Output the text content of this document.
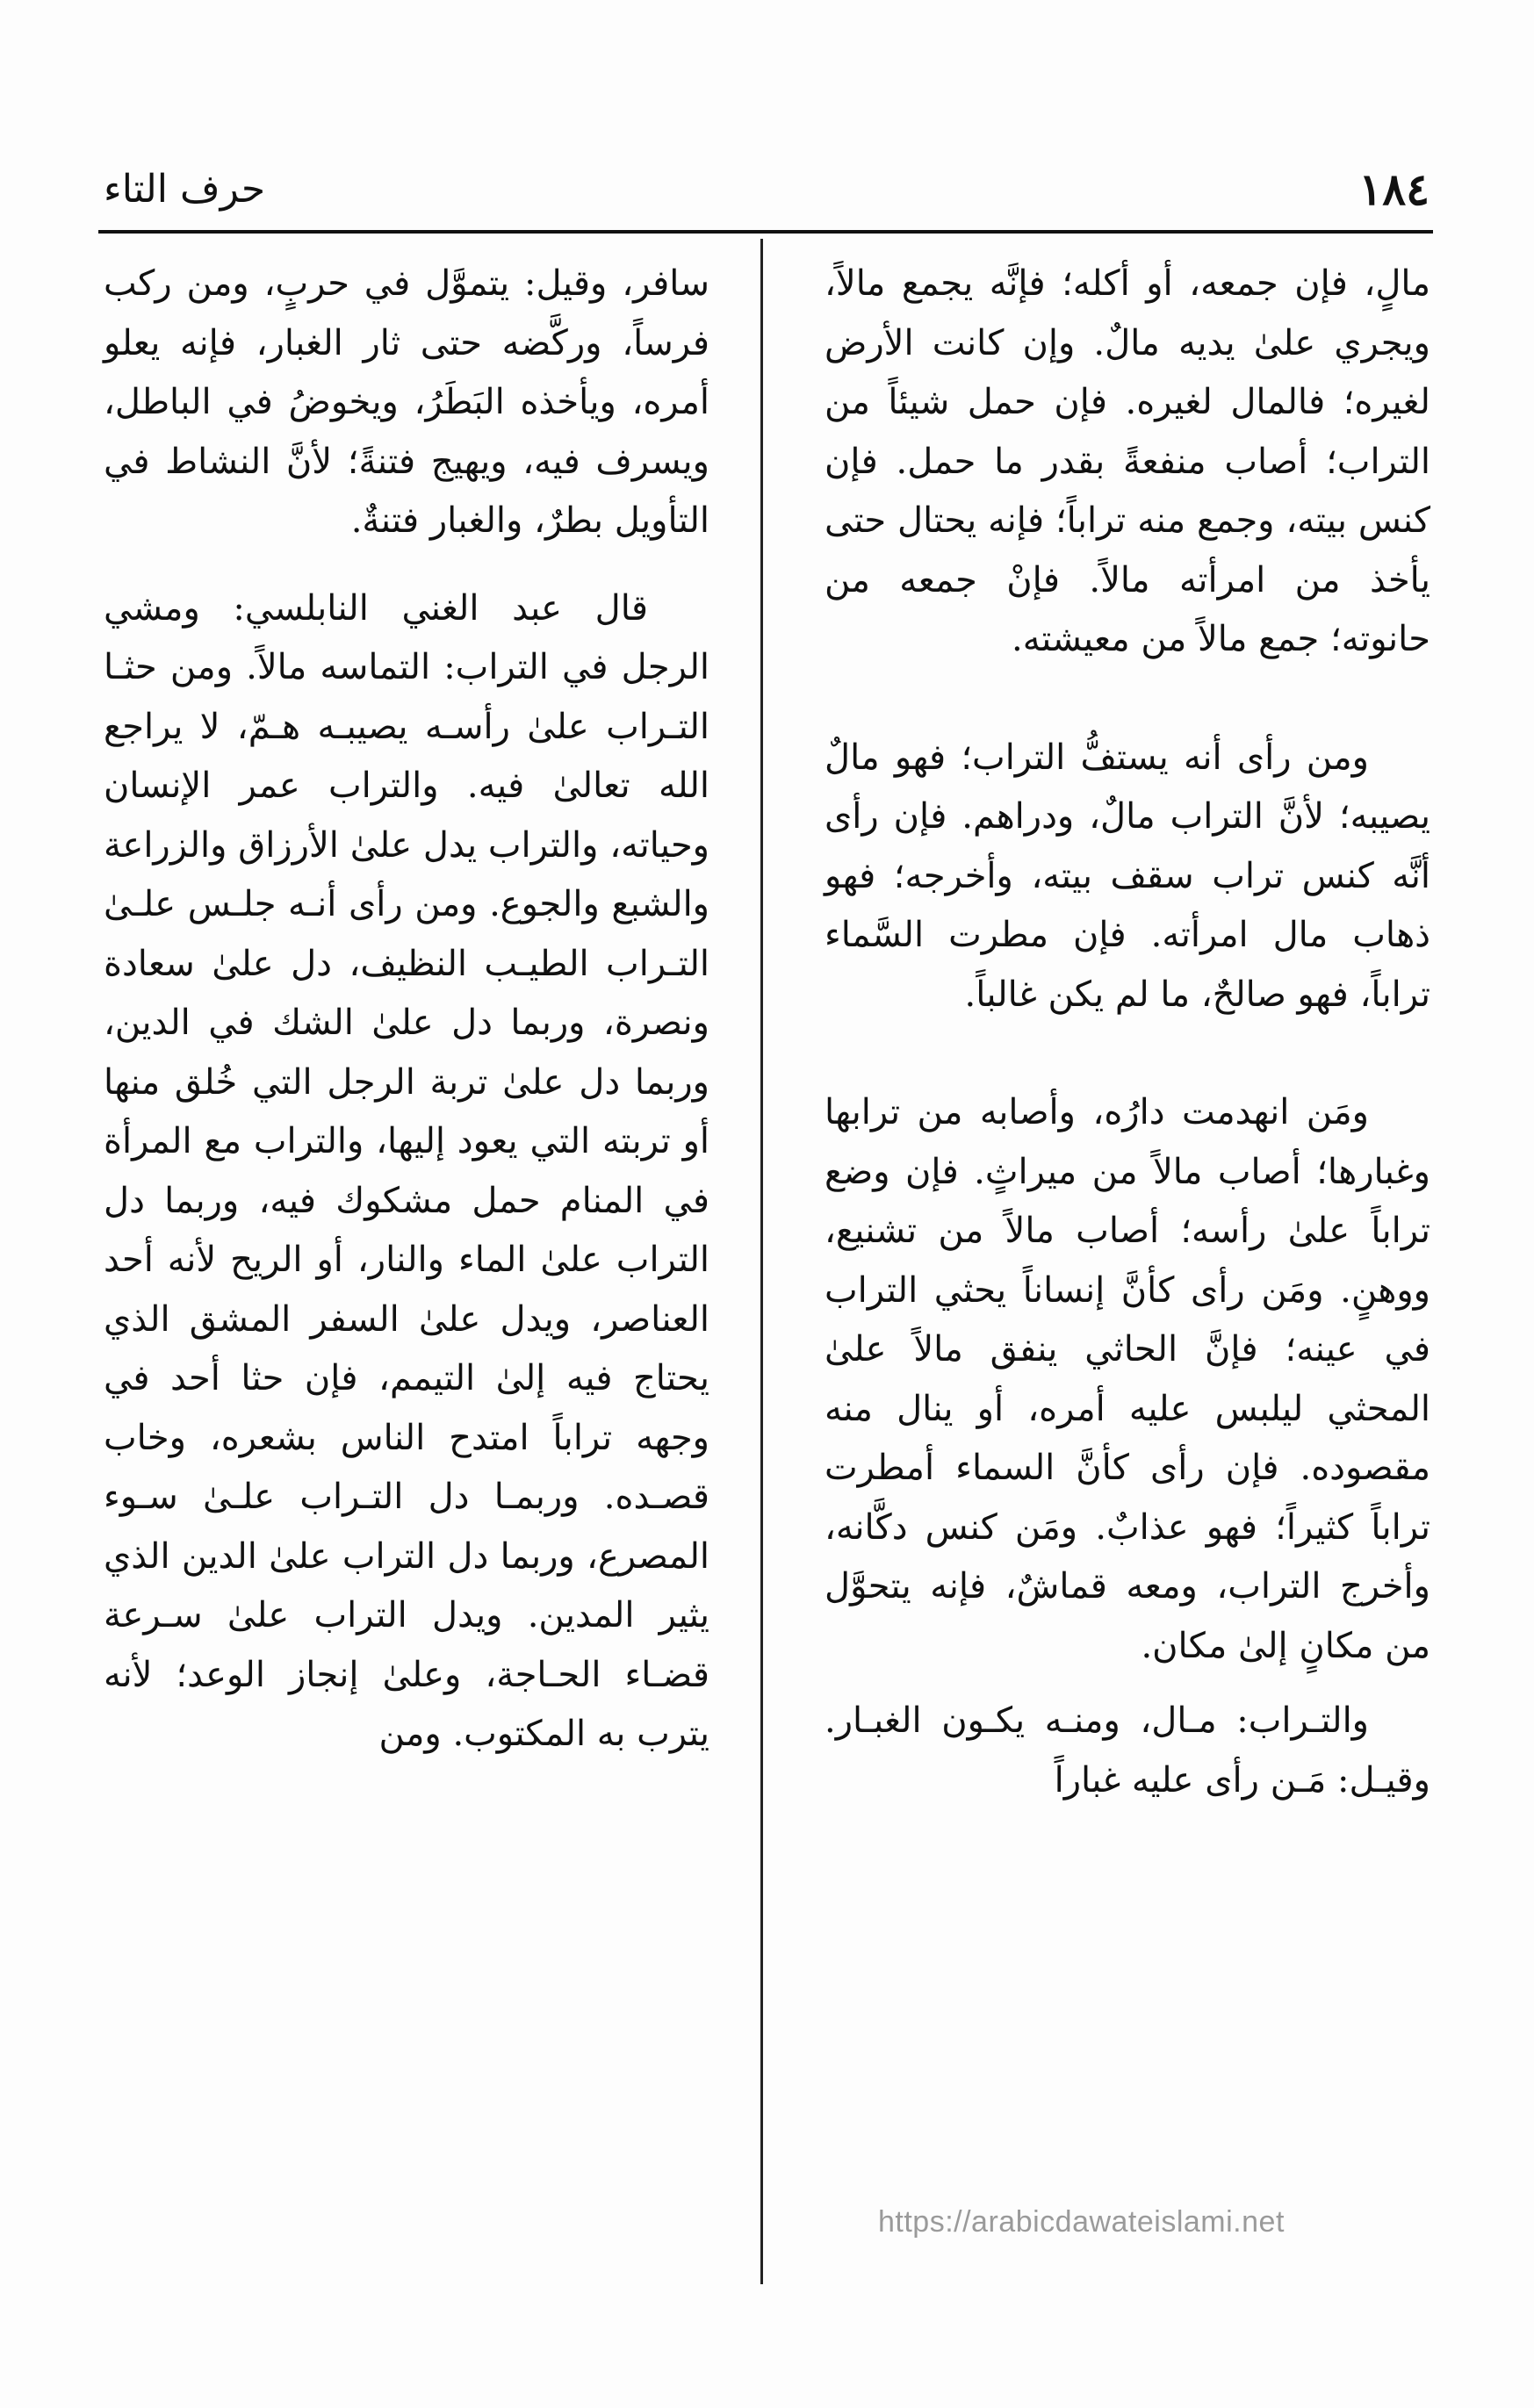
١٨٤
حرف التاء

مالٍ، فإن جمعه، أو أكله؛ فإنَّه يجمع مالاً، ويجري علىٰ يديه مالٌ. وإن كانت الأرض لغيره؛ فالمال لغيره. فإن حمل شيئاً من التراب؛ أصاب منفعةً بقدر ما حمل. فإن كنس بيته، وجمع منه تراباً؛ فإنه يحتال حتى يأخذ من امرأته مالاً. فإنْ جمعه من حانوته؛ جمع مالاً من معيشته.

ومن رأى أنه يستفُّ التراب؛ فهو مالٌ يصيبه؛ لأنَّ التراب مالٌ، ودراهم. فإن رأى أنَّه كنس تراب سقف بيته، وأخرجه؛ فهو ذهاب مال امرأته. فإن مطرت السَّماء تراباً، فهو صالحٌ، ما لم يكن غالباً.

ومَن انهدمت دارُه، وأصابه من ترابها وغبارها؛ أصاب مالاً من ميراثٍ. فإن وضع تراباً علىٰ رأسه؛ أصاب مالاً من تشنيع، ووهنٍ. ومَن رأى كأنَّ إنساناً يحثي التراب في عينه؛ فإنَّ الحاثي ينفق مالاً علىٰ المحثي ليلبس عليه أمره، أو ينال منه مقصوده. فإن رأى كأنَّ السماء أمطرت تراباً كثيراً؛ فهو عذابٌ. ومَن كنس دكَّانه، وأخرج التراب، ومعه قماشٌ، فإنه يتحوَّل من مكانٍ إلىٰ مكان.

والتـراب: مـال، ومنـه يكـون الغبـار. وقيـل: مَـن رأى عليه غباراً

سافر، وقيل: يتموَّل في حربٍ، ومن ركب فرساً، وركَّضه حتى ثار الغبار، فإنه يعلو أمره، ويأخذه البَطَرُ، ويخوضُ في الباطل، ويسرف فيه، ويهيج فتنةً؛ لأنَّ النشاط في التأويل بطرٌ، والغبار فتنةٌ.

قال عبد الغني النابلسي: ومشي الرجل في التراب: التماسه مالاً. ومن حثـا التـراب علىٰ رأسـه يصيبـه هـمّ، لا يراجع الله تعالىٰ فيه. والتراب عمر الإنسان وحياته، والتراب يدل علىٰ الأرزاق والزراعة والشبع والجوع. ومن رأى أنـه جلـس علـىٰ التـراب الطيـب النظيف، دل علىٰ سعادة ونصرة، وربما دل علىٰ الشك في الدين، وربما دل علىٰ تربة الرجل التي خُلق منها أو تربته التي يعود إليها، والتراب مع المرأة في المنام حمل مشكوك فيه، وربما دل التراب علىٰ الماء والنار، أو الريح لأنه أحد العناصر، ويدل علىٰ السفر المشق الذي يحتاج فيه إلىٰ التيمم، فإن حثا أحد في وجهه تراباً امتدح الناس بشعره، وخاب قصـده. وربمـا دل التـراب علـىٰ سـوء المصرع، وربما دل التراب علىٰ الدين الذي يثير المدين. ويدل التراب علىٰ سـرعة قضـاء الحـاجة، وعلىٰ إنجاز الوعد؛ لأنه يترب به المكتوب. ومن

https://arabicdawateislami.net
